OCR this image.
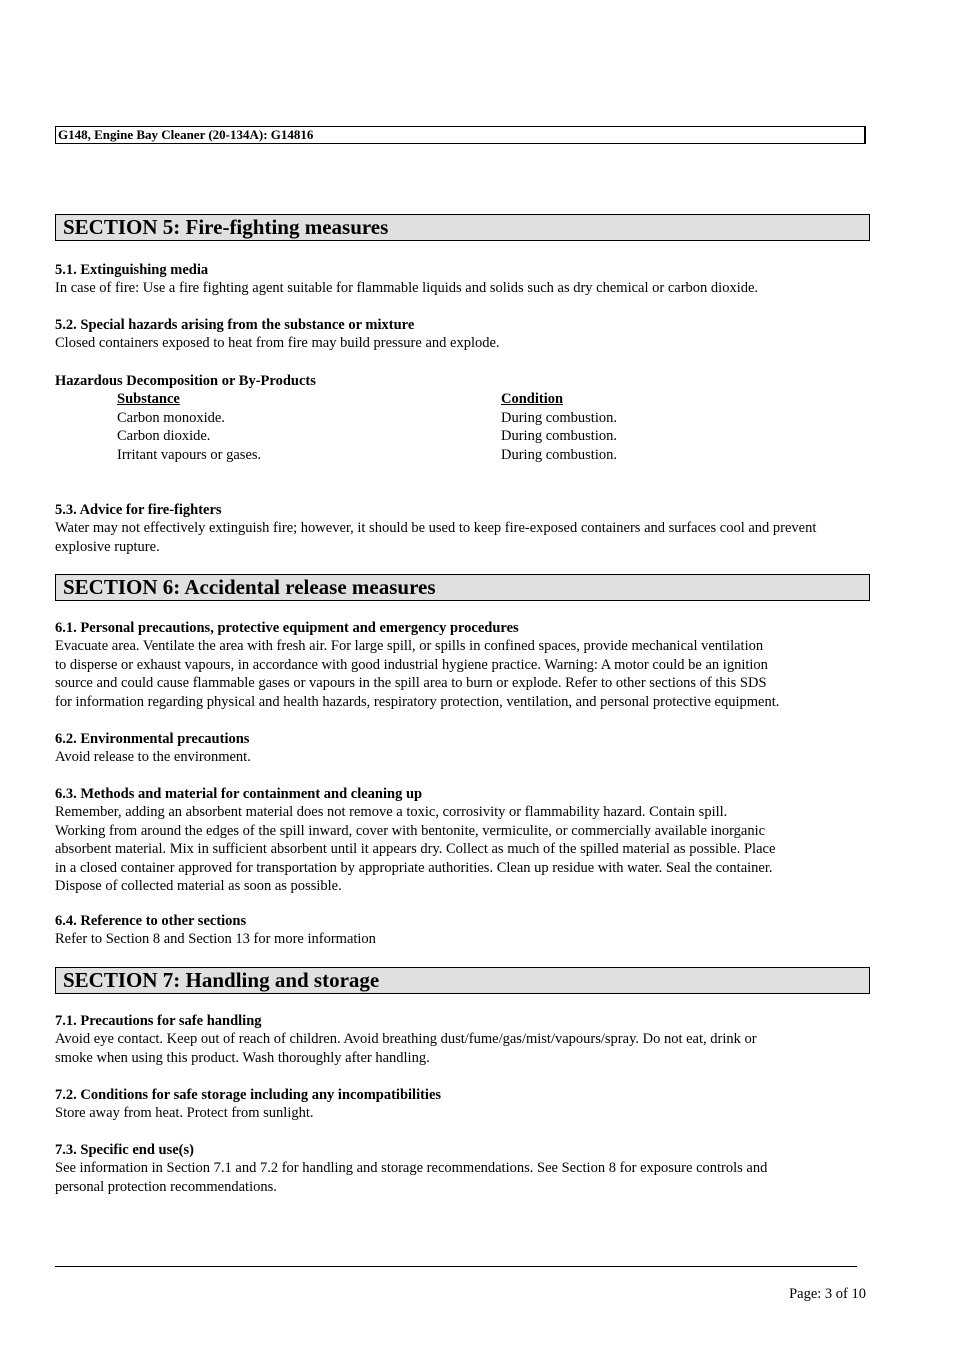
G148, Engine Bay Cleaner (20-134A): G14816
SECTION 5: Fire-fighting measures
5.1. Extinguishing media
In case of fire: Use a fire fighting agent suitable for flammable liquids and solids such as dry chemical or carbon dioxide.
5.2. Special hazards arising from the substance or mixture
Closed containers exposed to heat from fire may build pressure and explode.
Hazardous Decomposition or By-Products
Substance
Carbon monoxide.
Carbon dioxide.
Irritant vapours or gases.
Condition
During combustion.
During combustion.
During combustion.
5.3. Advice for fire-fighters
Water may not effectively extinguish fire; however, it should be used to keep fire-exposed containers and surfaces cool and prevent explosive rupture.
SECTION 6: Accidental release measures
6.1. Personal precautions, protective equipment and emergency procedures
Evacuate area. Ventilate the area with fresh air. For large spill, or spills in confined spaces, provide mechanical ventilation
to disperse or exhaust vapours, in accordance with good industrial hygiene practice. Warning: A motor could be an ignition
source and could cause flammable gases or vapours in the spill area to burn or explode. Refer to other sections of this SDS
for information regarding physical and health hazards, respiratory protection, ventilation, and personal protective equipment.
6.2. Environmental precautions
Avoid release to the environment.
6.3. Methods and material for containment and cleaning up
Remember, adding an absorbent material does not remove a toxic, corrosivity or flammability hazard. Contain spill.
Working from around the edges of the spill inward, cover with bentonite, vermiculite, or commercially available inorganic
absorbent material. Mix in sufficient absorbent until it appears dry. Collect as much of the spilled material as possible. Place
in a closed container approved for transportation by appropriate authorities. Clean up residue with water. Seal the container.
Dispose of collected material as soon as possible.
6.4. Reference to other sections
Refer to Section 8 and Section 13 for more information
SECTION 7: Handling and storage
7.1. Precautions for safe handling
Avoid eye contact. Keep out of reach of children. Avoid breathing dust/fume/gas/mist/vapours/spray. Do not eat, drink or
smoke when using this product. Wash thoroughly after handling.
7.2. Conditions for safe storage including any incompatibilities
Store away from heat. Protect from sunlight.
7.3. Specific end use(s)
See information in Section 7.1 and 7.2 for handling and storage recommendations. See Section 8 for exposure controls and
personal protection recommendations.
Page: 3 of 10
